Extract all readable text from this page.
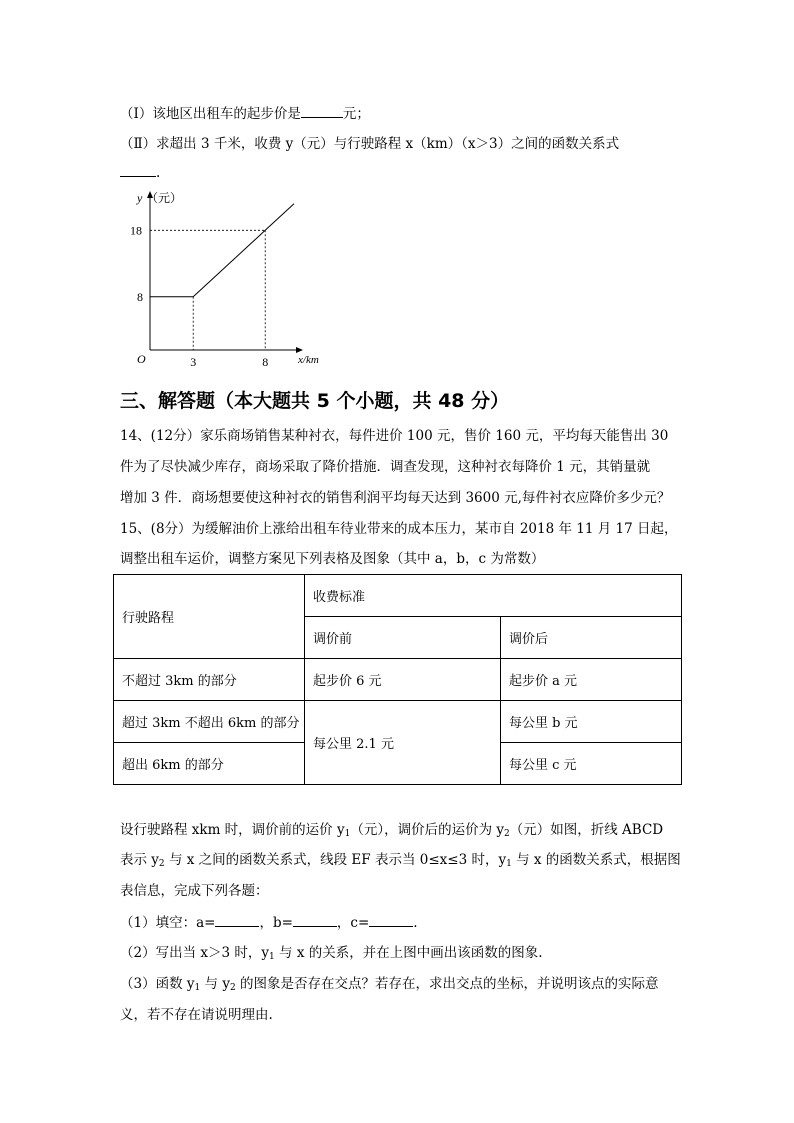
（Ⅰ）该地区出租车的起步价是	元；
（Ⅱ）求超出 3 千米，收费 y（元）与行驶路程 x（km）（x＞3）之间的函数关系式
.
y （元）
x/km
O	3	8
8
18
三、解答题（本大题共 5 个小题，共 48 分）
14、(12分）家乐商场销售某种衬衣，每件进价 100 元，售价 160 元，平均每天能售出 30
件为了尽快减少库存，商场采取了降价措施．调查发现，这种衬衣每降价 1 元，其销量就
增加 3 件．商场想要使这种衬衣的销售利润平均每天达到 3600 元,每件衬衣应降价多少元？
15、(8分）为缓解油价上涨给出租车待业带来的成本压力，某市自 2018 年 11 月 17 日起，
调整出租车运价，调整方案见下列表格及图象（其中 a，b，c 为常数）
行驶路程	收费标准	
	调价前	调价后
不超过 3km 的部分	起步价 6 元	起步价 a 元
超过 3km 不超出 6km 的部分	每公里 2.1 元	每公里 b 元
超出 6km 的部分		每公里 c 元
设行驶路程 xkm 时，调价前的运价 $y_1$（元），调价后的运价为 $y_2$（元）如图，折线 ABCD
表示 $y_2$ 与 x 之间的函数关系式，线段 EF 表示当 0≤x≤3 时，$y_1$ 与 x 的函数关系式，根据图
表信息，完成下列各题：
（1）填空：a=	，b=	，c=	.
（2）写出当 x＞3 时，$y_1$ 与 x 的关系，并在上图中画出该函数的图象.
（3）函数 $y_1$ 与 $y_2$ 的图象是否存在交点？若存在，求出交点的坐标，并说明该点的实际意
义，若不存在请说明理由.
